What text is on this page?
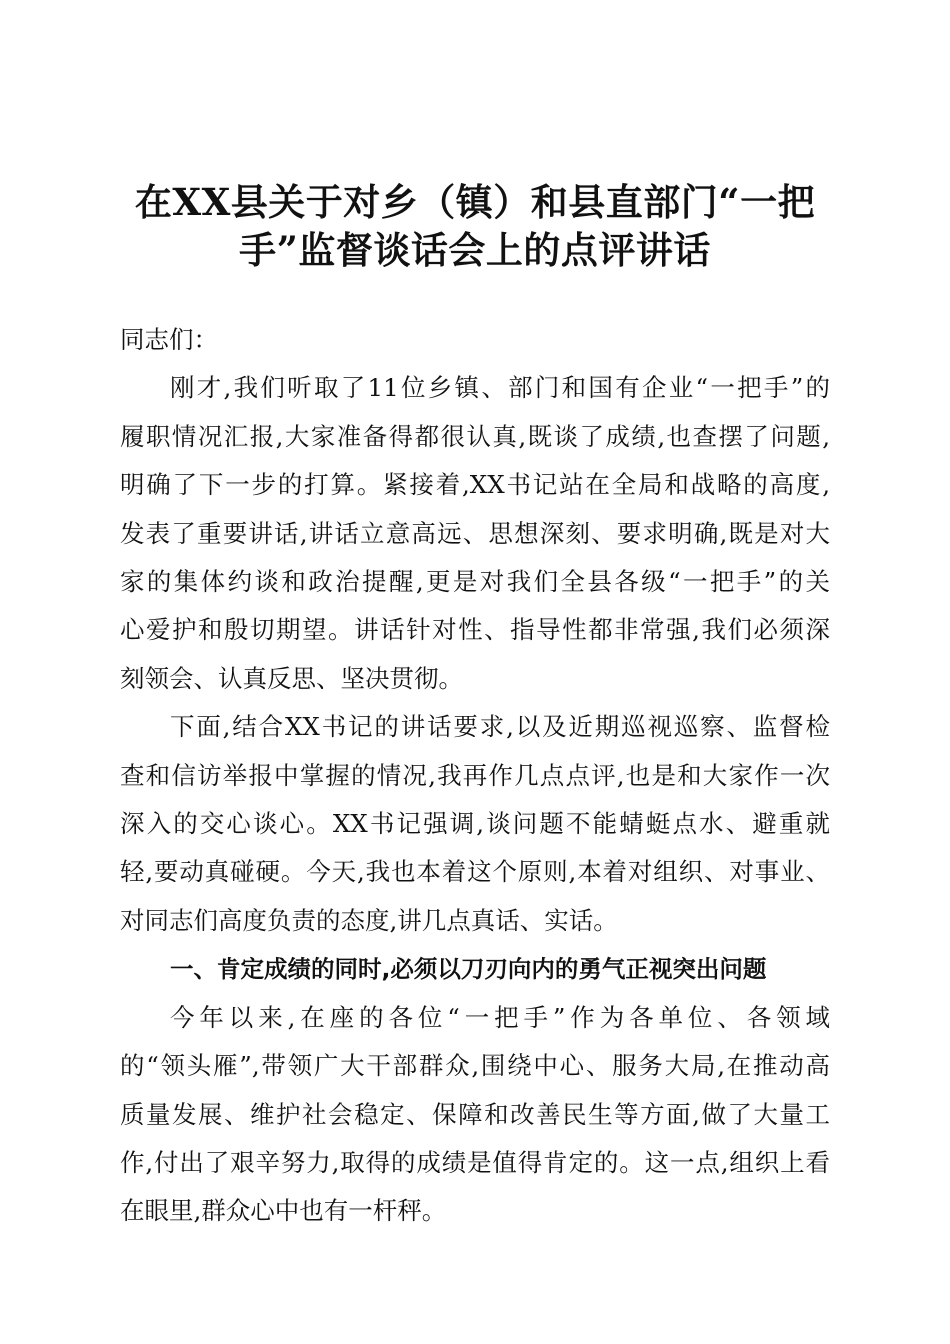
在XX县关于对乡（镇）和县直部门“一把
手”监督谈话会上的点评讲话

同志们：

刚才,我们听取了11位乡镇、部门和国有企业“一把手”的
履职情况汇报,大家准备得都很认真,既谈了成绩,也查摆了问题,
明确了下一步的打算。紧接着,XX书记站在全局和战略的高度,
发表了重要讲话,讲话立意高远、思想深刻、要求明确,既是对大
家的集体约谈和政治提醒,更是对我们全县各级“一把手”的关
心爱护和殷切期望。讲话针对性、指导性都非常强,我们必须深
刻领会、认真反思、坚决贯彻。

下面,结合XX书记的讲话要求,以及近期巡视巡察、监督检
查和信访举报中掌握的情况,我再作几点点评,也是和大家作一次
深入的交心谈心。XX书记强调,谈问题不能蜻蜓点水、避重就
轻,要动真碰硬。今天,我也本着这个原则,本着对组织、对事业、
对同志们高度负责的态度,讲几点真话、实话。

一、肯定成绩的同时,必须以刀刃向内的勇气正视突出问题

今年以来,在座的各位“一把手”作为各单位、各领域
的“领头雁”,带领广大干部群众,围绕中心、服务大局,在推动高
质量发展、维护社会稳定、保障和改善民生等方面,做了大量工
作,付出了艰辛努力,取得的成绩是值得肯定的。这一点,组织上看
在眼里,群众心中也有一杆秤。
